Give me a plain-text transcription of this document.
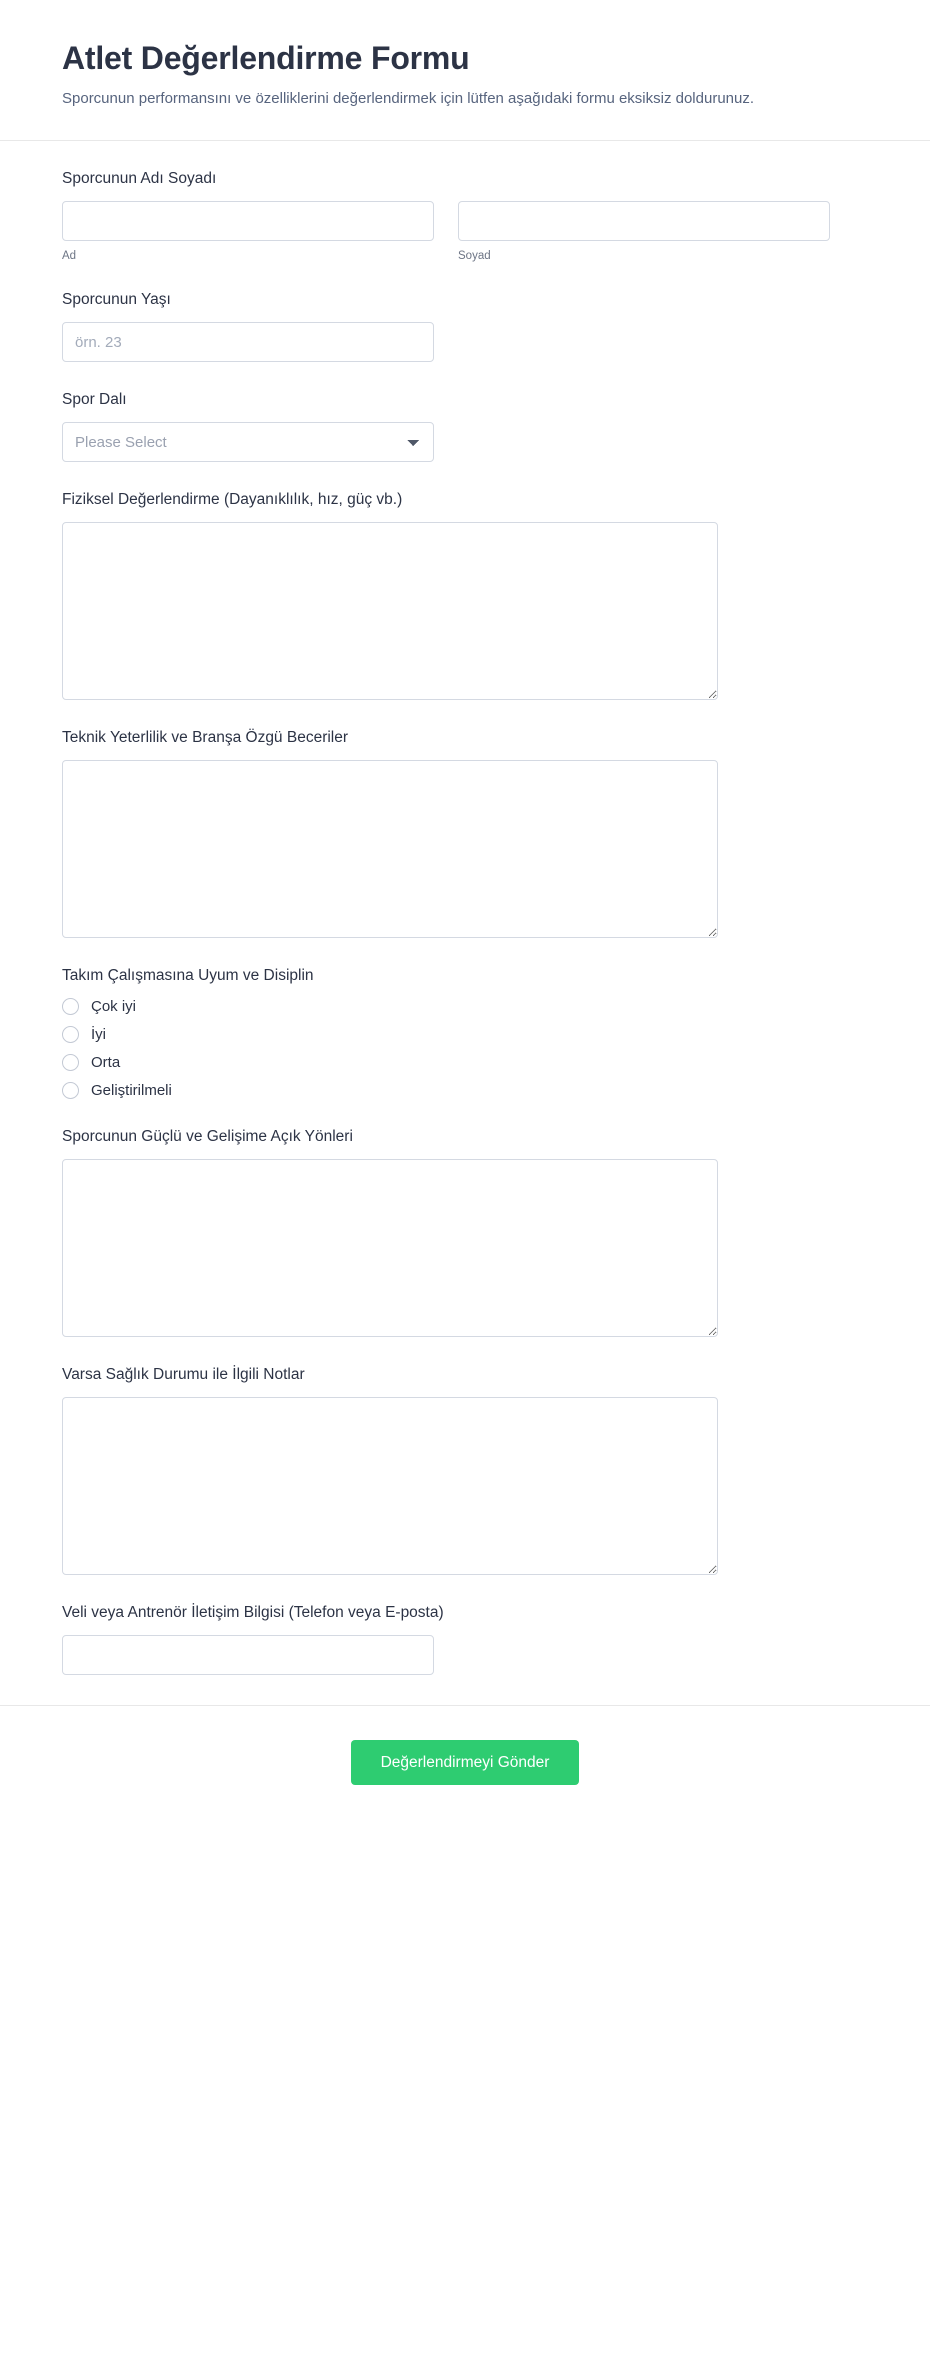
Atlet Değerlendirme Formu

Sporcunun performansını ve özelliklerini değerlendirmek için lütfen aşağıdaki formu eksiksiz doldurunuz.

Sporcunun Adı Soyadı
Ad	Soyad
Sporcunun Yaşı
örn. 23
Spor Dalı
Please Select
Fiziksel Değerlendirme (Dayanıklılık, hız, güç vb.)
Teknik Yeterlilik ve Branşa Özgü Beceriler
Takım Çalışmasına Uyum ve Disiplin
Çok iyi
İyi
Orta
Geliştirilmeli
Sporcunun Güçlü ve Gelişime Açık Yönleri
Varsa Sağlık Durumu ile İlgili Notlar
Veli veya Antrenör İletişim Bilgisi (Telefon veya E-posta)
Değerlendirmeyi Gönder
